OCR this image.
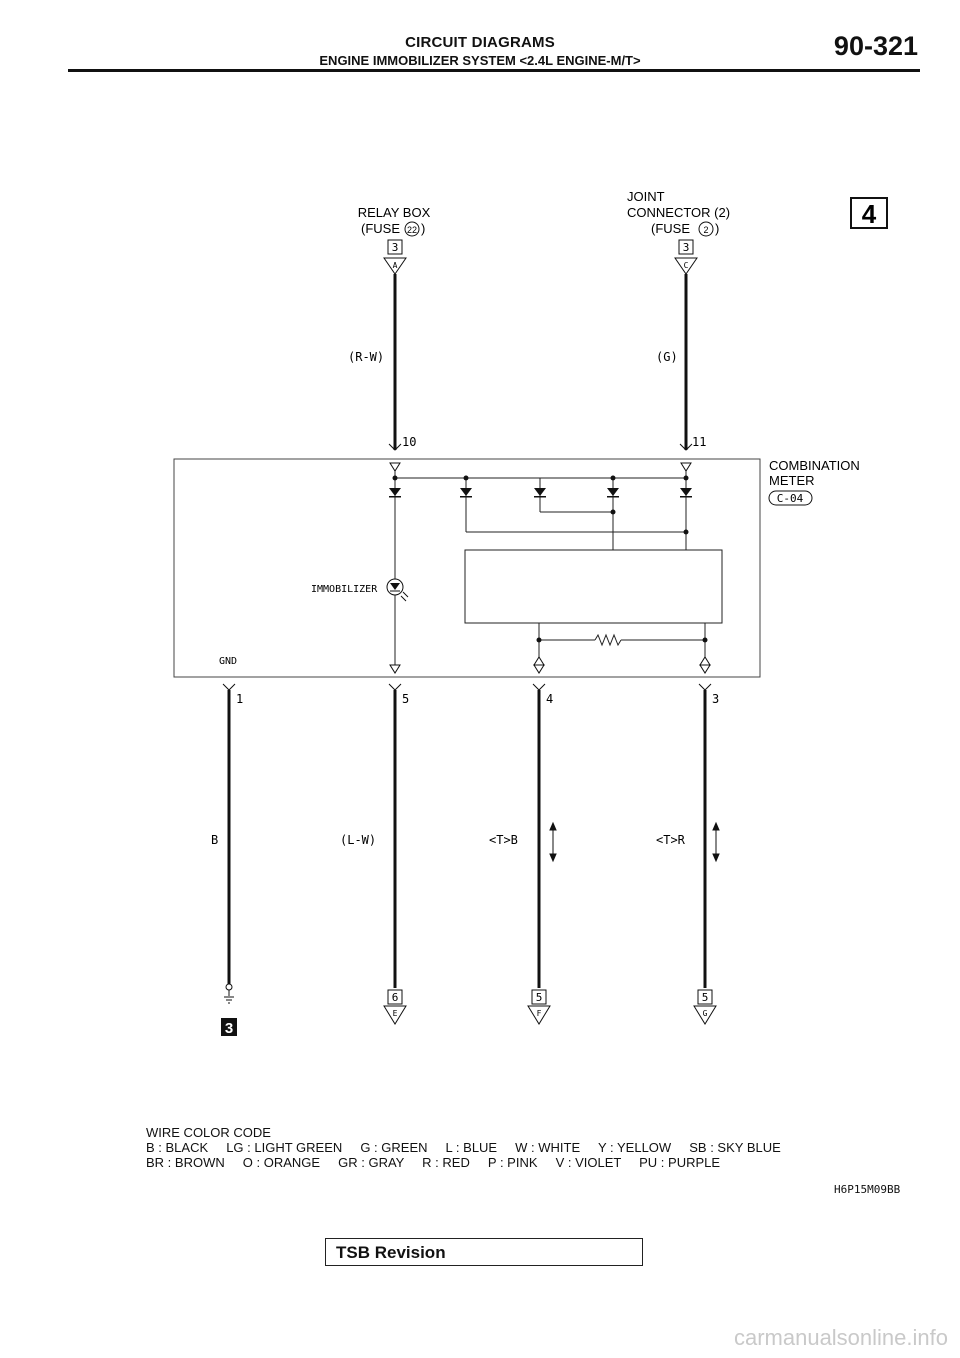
CIRCUIT DIAGRAMS
ENGINE IMMOBILIZER SYSTEM <2.4L ENGINE-M/T>	90-321
4
RELAY BOX
(FUSE 22 )
JOINT
CONNECTOR (2)
(FUSE 2 )
3
A
3
C
(R-W)	(G)
10	11
COMBINATION
METER
C-04
IMMOBILIZER
GND
1	5	4	3
B	(L-W)	<T>B	<T>R
3
6
E
5
F
5
G
WIRE COLOR CODE
B : BLACK     LG : LIGHT GREEN     G : GREEN     L : BLUE     W : WHITE     Y : YELLOW     SB : SKY BLUE
BR : BROWN     O : ORANGE     GR : GRAY     R : RED     P : PINK     V : VIOLET     PU : PURPLE
H6P15M09BB
TSB Revision
carmanualsonline.info
